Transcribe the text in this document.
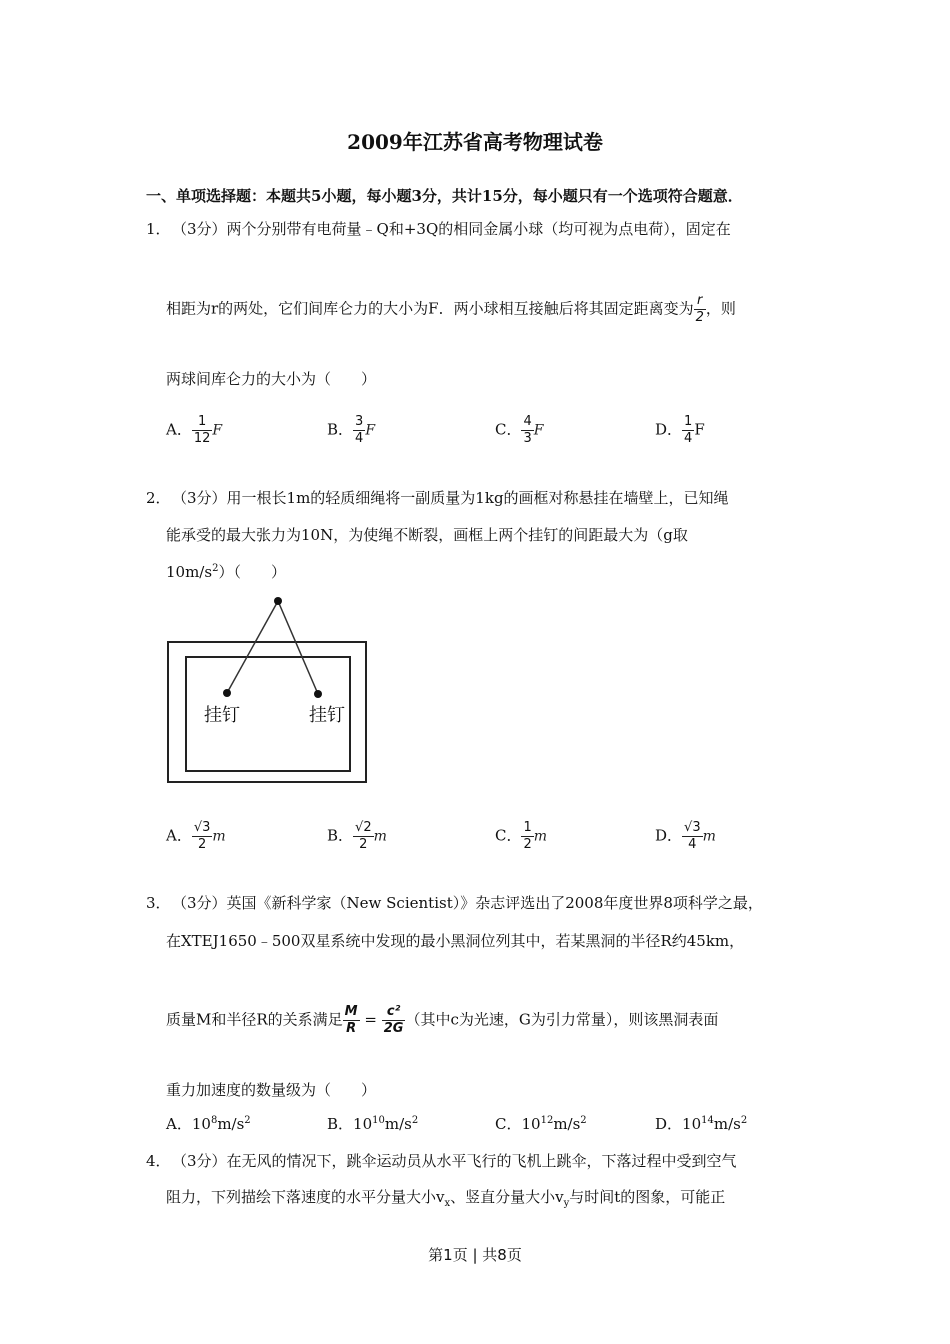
2009年江苏省高考物理试卷
一、单项选择题：本题共5小题，每小题3分，共计15分，每小题只有一个选项符合题意．
1． （3分）两个分别带有电荷量﹣Q和+3Q的相同金属小球（均可视为点电荷），固定在
相距为r的两处，它们间库仑力的大小为F．两小球相互接触后将其固定距离变为 $\frac{r}{2}$ ，则
两球间库仑力的大小为（　　）
A． $\frac{1}{12}$ F	B． $\frac{3}{4}$ F	C． $\frac{4}{3}$ F	D． $\frac{1}{4}$ F
2． （3分）用一根长1m的轻质细绳将一副质量为1kg的画框对称悬挂在墙壁上，已知绳
能承受的最大张力为10N，为使绳不断裂，画框上两个挂钉的间距最大为（g取
$10m/s^2$）（　　）
挂钉	挂钉
A． $\frac{√3}{2}$ m	B． $\frac{√2}{2}$ m	C． $\frac{1}{2}$ m	D． $\frac{√3}{4}$ m
3． （3分）英国《新科学家（New Scientist）》杂志评选出了2008年度世界8项科学之最，
在XTEJ1650﹣500双星系统中发现的最小黑洞位列其中，若某黑洞的半径R约45km，
质量M和半径R的关系满足 $\frac{M}{R} = \frac{\text{c²}}{2G}$ （其中c为光速，G为引力常量），则该黑洞表面
重力加速度的数量级为（　　）
A．$10^8m/s^2$	B．$10^{10}m/s^2$	C．$10^{12}m/s^2$	D．$10^{14}m/s^2$
4． （3分）在无风的情况下，跳伞运动员从水平飞行的飞机上跳伞，下落过程中受到空气
阻力，下列描绘下落速度的水平分量大小$v_x$、竖直分量大小$v_y$与时间t的图象，可能正
第1页 | 共8页
